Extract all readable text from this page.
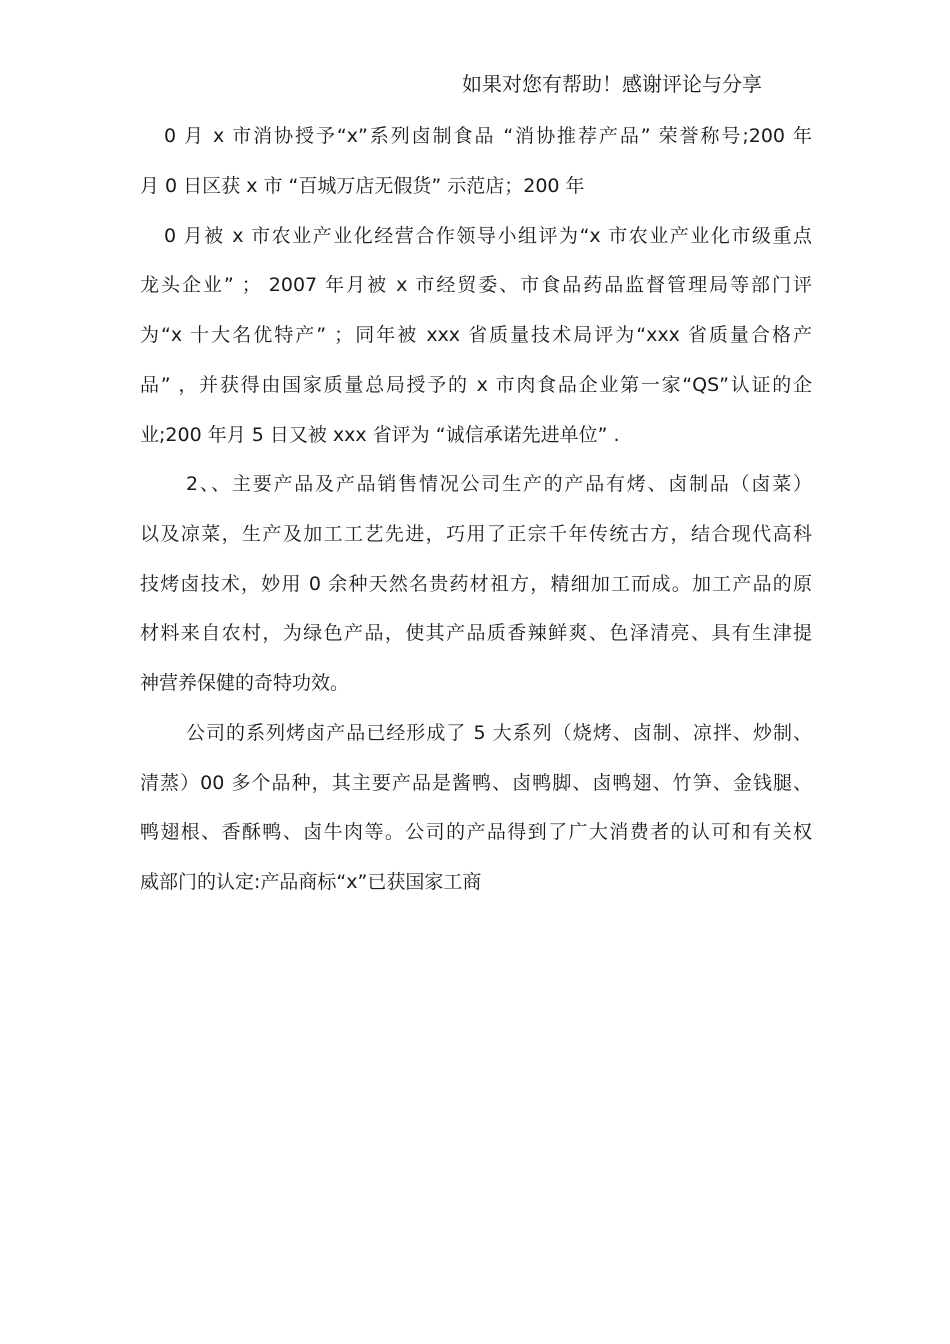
如果对您有帮助！感谢评论与分享
0 月 x 市消协授予“x”系列卤制食品 “消协推荐产品” 荣誉称号;200 年
月 0 日区获 x 市 “百城万店无假货” 示范店；200 年
0 月被 x 市农业产业化经营合作领导小组评为“x 市农业产业化市级重点
龙头企业” ； 2007 年月被 x 市经贸委、市食品药品监督管理局等部门评
为“x 十大名优特产” ；同年被 xxx 省质量技术局评为“xxx 省质量合格产
品” ，并获得由国家质量总局授予的 x 市肉食品企业第一家“QS”认证的企
业;200 年月 5 日又被 xxx 省评为 “诚信承诺先进单位” .
2、、主要产品及产品销售情况公司生产的产品有烤、卤制品（卤菜）
以及凉菜，生产及加工工艺先进，巧用了正宗千年传统古方，结合现代高科
技烤卤技术，妙用 0 余种天然名贵药材祖方，精细加工而成。加工产品的原
材料来自农村，为绿色产品，使其产品质香辣鲜爽、色泽清亮、具有生津提
神营养保健的奇特功效。
公司的系列烤卤产品已经形成了 5 大系列（烧烤、卤制、凉拌、炒制、
清蒸）00 多个品种，其主要产品是酱鸭、卤鸭脚、卤鸭翅、竹笋、金钱腿、
鸭翅根、香酥鸭、卤牛肉等。公司的产品得到了广大消费者的认可和有关权
威部门的认定:产品商标“x”已获国家工商
